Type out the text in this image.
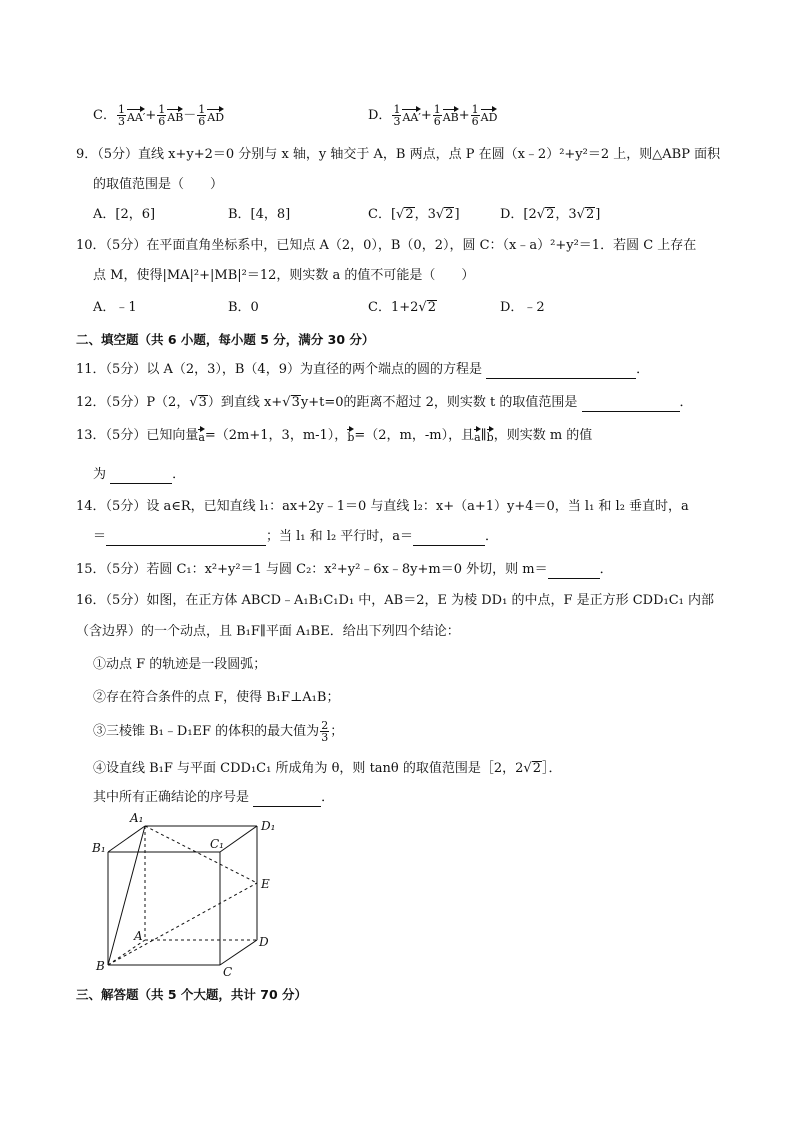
C． $\frac{1}{3} AA'+ \frac{1}{6} AB- \frac{1}{6}$ AD	D． $\frac{1}{3} AA'+ \frac{1}{6} AB+ \frac{1}{6}$ AD
9．（5分）直线 x+y+2＝0 分别与 x 轴，y 轴交于 A，B 两点，点 P 在圆（x﹣2）²+y²＝2 上，则△ABP 面积
的取值范围是（　　）
A．[2，6]	B．[4，8]	C．[√2，3√2]	D．[2√2，3√2]
10．（5分）在平面直角坐标系中，已知点 A（2，0），B（0，2），圆 C：（x﹣a）²+y²＝1．若圆 C 上存在
点 M，使得|MA|²+|MB|²＝12，则实数 a 的值不可能是（　　）
A．﹣1	B．0	C．1+2√2	D．﹣2
二、填空题（共 6 小题，每小题 5 分，满分 30 分）
11．（5分）以 A（2，3），B（4，9）为直径的两个端点的圆的方程是	．
12．（5分）P（2，√3）到直线 x+√3y+t=0的距离不超过 2，则实数 t 的取值范围是	．
13．（5分）已知向量a=（2m+1，3，m-1），b=（2，m，-m），且a∥b，则实数 m 的值
为	．
14．（5分）设 a∈R，已知直线 l₁：ax+2y﹣1＝0 与直线 l₂：x+（a+1）y+4＝0，当 l₁ 和 l₂ 垂直时，a
＝	；当 l₁ 和 l₂ 平行时，a＝	．
15．（5分）若圆 C₁：x²+y²＝1 与圆 C₂：x²+y²﹣6x﹣8y+m＝0 外切，则 m＝	．
16．（5分）如图，在正方体 ABCD﹣A₁B₁C₁D₁ 中，AB＝2，E 为棱 DD₁ 的中点，F 是正方形 CDD₁C₁ 内部
（含边界）的一个动点，且 B₁F∥平面 A₁BE．给出下列四个结论：
①动点 F 的轨迹是一段圆弧；
②存在符合条件的点 F，使得 B₁F⊥A₁B；
③三棱锥 B₁﹣D₁EF 的体积的最大值为 $\frac{2}{3}$ ；
④设直线 B₁F 与平面 CDD₁C₁ 所成角为 θ，则 tanθ 的取值范围是［2，2√2］．
其中所有正确结论的序号是	．
A₁
D₁
B₁	C₁
E
A	D
B	C
三、解答题（共 5 个大题，共计 70 分）
